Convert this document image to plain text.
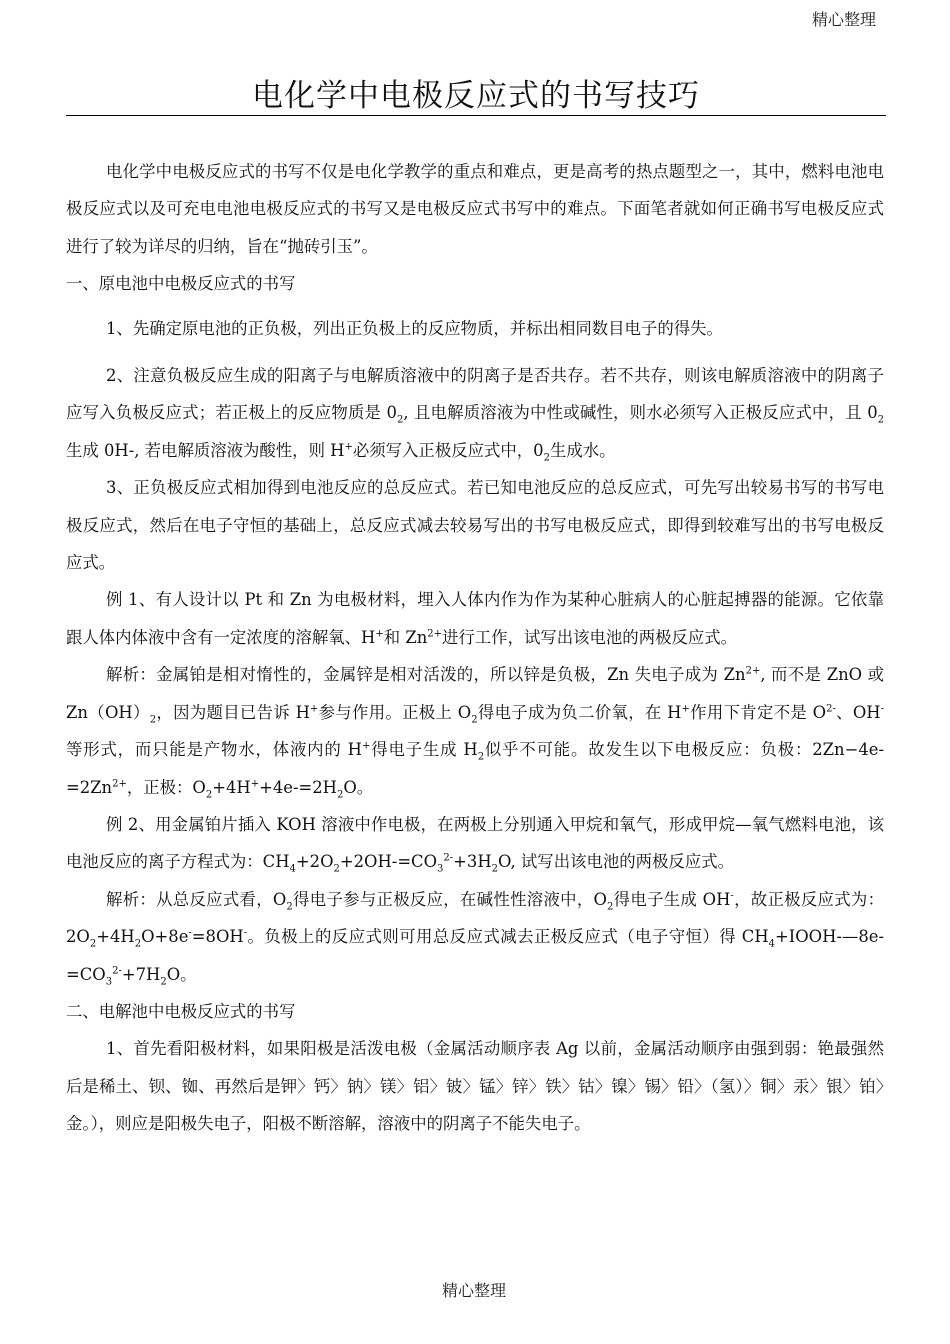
精心整理
电化学中电极反应式的书写技巧

电化学中电极反应式的书写不仅是电化学教学的重点和难点，更是高考的热点题型之一，其中，燃料电池电极反应式以及可充电电池电极反应式的书写又是电极反应式书写中的难点。下面笔者就如何正确书写电极反应式进行了较为详尽的归纳，旨在“抛砖引玉”。

一、原电池中电极反应式的书写

1、先确定原电池的正负极，列出正负极上的反应物质，并标出相同数目电子的得失。

2、注意负极反应生成的阳离子与电解质溶液中的阴离子是否共存。若不共存，则该电解质溶液中的阴离子应写入负极反应式；若正极上的反应物质是 $0_2$, 且电解质溶液为中性或碱性，则水必须写入正极反应式中，且 $0_2$生成 0H-, 若电解质溶液为酸性，则 H+必须写入正极反应式中，$0_2$生成水。

3、正负极反应式相加得到电池反应的总反应式。若已知电池反应的总反应式，可先写出较易书写的书写电极反应式，然后在电子守恒的基础上，总反应式减去较易写出的书写电极反应式，即得到较难写出的书写电极反应式。

例 1、有人设计以 Pt 和 Zn 为电极材料，埋入人体内作为作为某种心脏病人的心脏起搏器的能源。它依靠跟人体内体液中含有一定浓度的溶解氧、H+和 $Zn^{2+}$进行工作，试写出该电池的两极反应式。

解析：金属铂是相对惰性的，金属锌是相对活泼的，所以锌是负极，Zn 失电子成为 $Zn^{2+}$, 而不是 ZnO 或 $Zn(OH)_2$，因为题目已告诉 H+参与作用。正极上 $O_2$得电子成为负二价氧，在 H+作用下肯定不是 $O^{2-}$、OH-等形式，而只能是产物水，体液内的 H+得电子生成 $H_2$似乎不可能。故发生以下电极反应：负极：$2Zn-4e-=2Zn^{2+}$，正极：$O_2+4H^++4e-=2H_2O$。

例 2、用金属铂片插入 KOH 溶液中作电极，在两极上分别通入甲烷和氧气，形成甲烷—氧气燃料电池，该电池反应的离子方程式为：$CH_4+2O_2+2OH-=CO_3^{2-}+3H_2O$, 试写出该电池的两极反应式。

解析：从总反应式看，$O_2$得电子参与正极反应，在碱性性溶液中，$O_2$得电子生成 OH-，故正极反应式为：$2O_2+4H_2O+8e^-=8OH^-$。负极上的反应式则可用总反应式减去正极反应式（电子守恒）得 $CH_4+IOOH-—8e-=CO_3^{2-}+7H_2O$。

二、电解池中电极反应式的书写

1、首先看阳极材料，如果阳极是活泼电极（金属活动顺序表 Ag 以前，金属活动顺序由强到弱：铯最强然后是稀土、钡、铷、再然后是钾〉钙〉钠〉镁〉铝〉铍〉锰〉锌〉铁〉钴〉镍〉锡〉铅〉（氢）〉铜〉汞〉银〉铂〉金。），则应是阳极失电子，阳极不断溶解，溶液中的阴离子不能失电子。

精心整理
